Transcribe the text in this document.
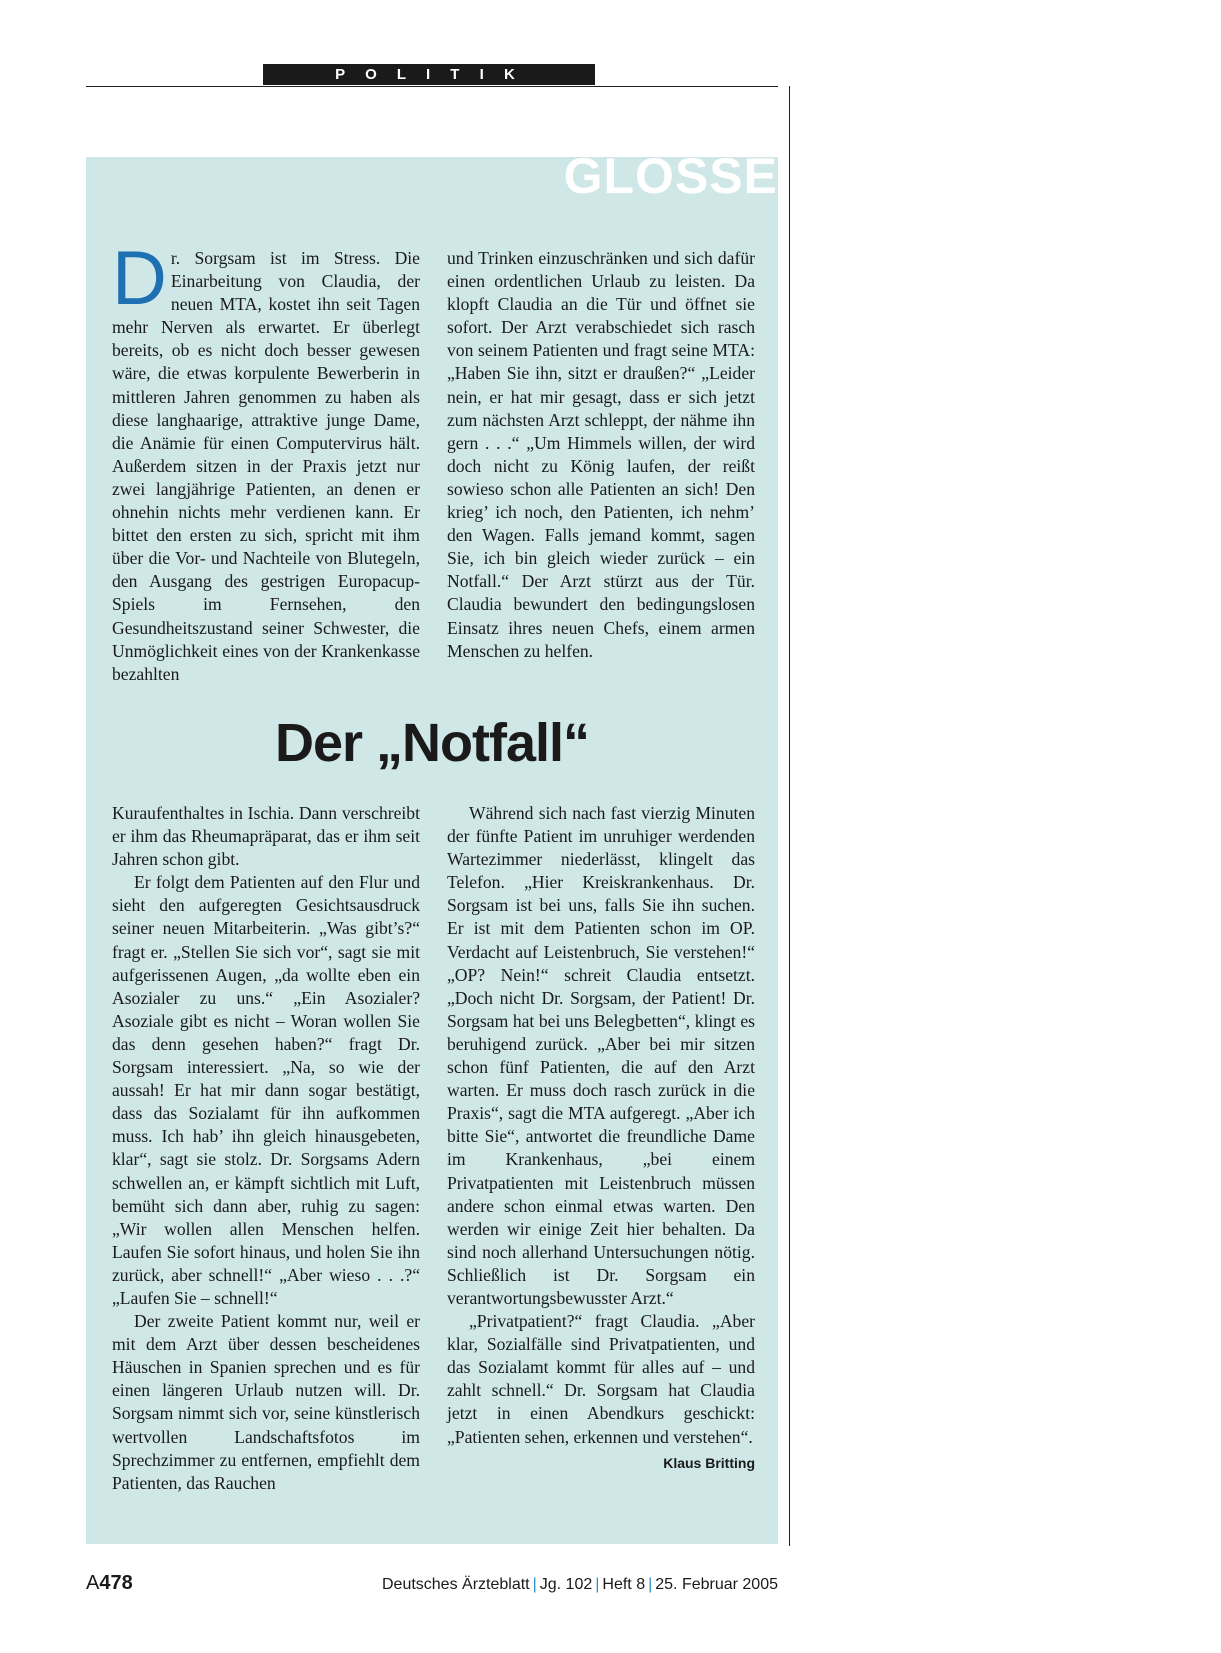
P O L I T I K
GLOSSE
D r. Sorgsam ist im Stress. Die Einarbeitung von Claudia, der neuen MTA, kostet ihn seit Tagen mehr Nerven als erwartet. Er überlegt bereits, ob es nicht doch besser gewesen wäre, die etwas korpulente Bewerberin in mittleren Jahren genommen zu haben als diese langhaarige, attraktive junge Dame, die Anämie für einen Computervirus hält. Außerdem sitzen in der Praxis jetzt nur zwei langjährige Patienten, an denen er ohnehin nichts mehr verdienen kann. Er bittet den ersten zu sich, spricht mit ihm über die Vor- und Nachteile von Blutegeln, den Ausgang des gestrigen Europacup-Spiels im Fernsehen, den Gesundheitszustand seiner Schwester, die Unmöglichkeit eines von der Krankenkasse bezahlten

und Trinken einzuschränken und sich dafür einen ordentlichen Urlaub zu leisten. Da klopft Claudia an die Tür und öffnet sie sofort. Der Arzt verabschiedet sich rasch von seinem Patienten und fragt seine MTA: „Haben Sie ihn, sitzt er draußen?“ „Leider nein, er hat mir gesagt, dass er sich jetzt zum nächsten Arzt schleppt, der nähme ihn gern . . .“ „Um Himmels willen, der wird doch nicht zu König laufen, der reißt sowieso schon alle Patienten an sich! Den krieg’ ich noch, den Patienten, ich nehm’ den Wagen. Falls jemand kommt, sagen Sie, ich bin gleich wieder zurück – ein Notfall.“ Der Arzt stürzt aus der Tür. Claudia bewundert den bedingungslosen Einsatz ihres neuen Chefs, einem armen Menschen zu helfen.

Der „Notfall“

Kuraufenthaltes in Ischia. Dann verschreibt er ihm das Rheumapräparat, das er ihm seit Jahren schon gibt.

Er folgt dem Patienten auf den Flur und sieht den aufgeregten Gesichtsausdruck seiner neuen Mitarbeiterin. „Was gibt’s?“ fragt er. „Stellen Sie sich vor“, sagt sie mit aufgerissenen Augen, „da wollte eben ein Asozialer zu uns.“ „Ein Asozialer? Asoziale gibt es nicht – Woran wollen Sie das denn gesehen haben?“ fragt Dr. Sorgsam interessiert. „Na, so wie der aussah! Er hat mir dann sogar bestätigt, dass das Sozialamt für ihn aufkommen muss. Ich hab’ ihn gleich hinausgebeten, klar“, sagt sie stolz. Dr. Sorgsams Adern schwellen an, er kämpft sichtlich mit Luft, bemüht sich dann aber, ruhig zu sagen: „Wir wollen allen Menschen helfen. Laufen Sie sofort hinaus, und holen Sie ihn zurück, aber schnell!“ „Aber wieso . . .?“ „Laufen Sie – schnell!“

Der zweite Patient kommt nur, weil er mit dem Arzt über dessen bescheidenes Häuschen in Spanien sprechen und es für einen längeren Urlaub nutzen will. Dr. Sorgsam nimmt sich vor, seine künstlerisch wertvollen Landschaftsfotos im Sprechzimmer zu entfernen, empfiehlt dem Patienten, das Rauchen

Während sich nach fast vierzig Minuten der fünfte Patient im unruhiger werdenden Wartezimmer niederlässt, klingelt das Telefon. „Hier Kreiskrankenhaus. Dr. Sorgsam ist bei uns, falls Sie ihn suchen. Er ist mit dem Patienten schon im OP. Verdacht auf Leistenbruch, Sie verstehen!“ „OP? Nein!“ schreit Claudia entsetzt. „Doch nicht Dr. Sorgsam, der Patient! Dr. Sorgsam hat bei uns Belegbetten“, klingt es beruhigend zurück. „Aber bei mir sitzen schon fünf Patienten, die auf den Arzt warten. Er muss doch rasch zurück in die Praxis“, sagt die MTA aufgeregt. „Aber ich bitte Sie“, antwortet die freundliche Dame im Krankenhaus, „bei einem Privatpatienten mit Leistenbruch müssen andere schon einmal etwas warten. Den werden wir einige Zeit hier behalten. Da sind noch allerhand Untersuchungen nötig. Schließlich ist Dr. Sorgsam ein verantwortungsbewusster Arzt.“

„Privatpatient?“ fragt Claudia. „Aber klar, Sozialfälle sind Privatpatienten, und das Sozialamt kommt für alles auf – und zahlt schnell.“ Dr. Sorgsam hat Claudia jetzt in einen Abendkurs geschickt: „Patienten sehen, erkennen und verstehen“.
Klaus Britting

A478	Deutsches Ärzteblatt | Jg. 102 | Heft 8 | 25. Februar 2005
